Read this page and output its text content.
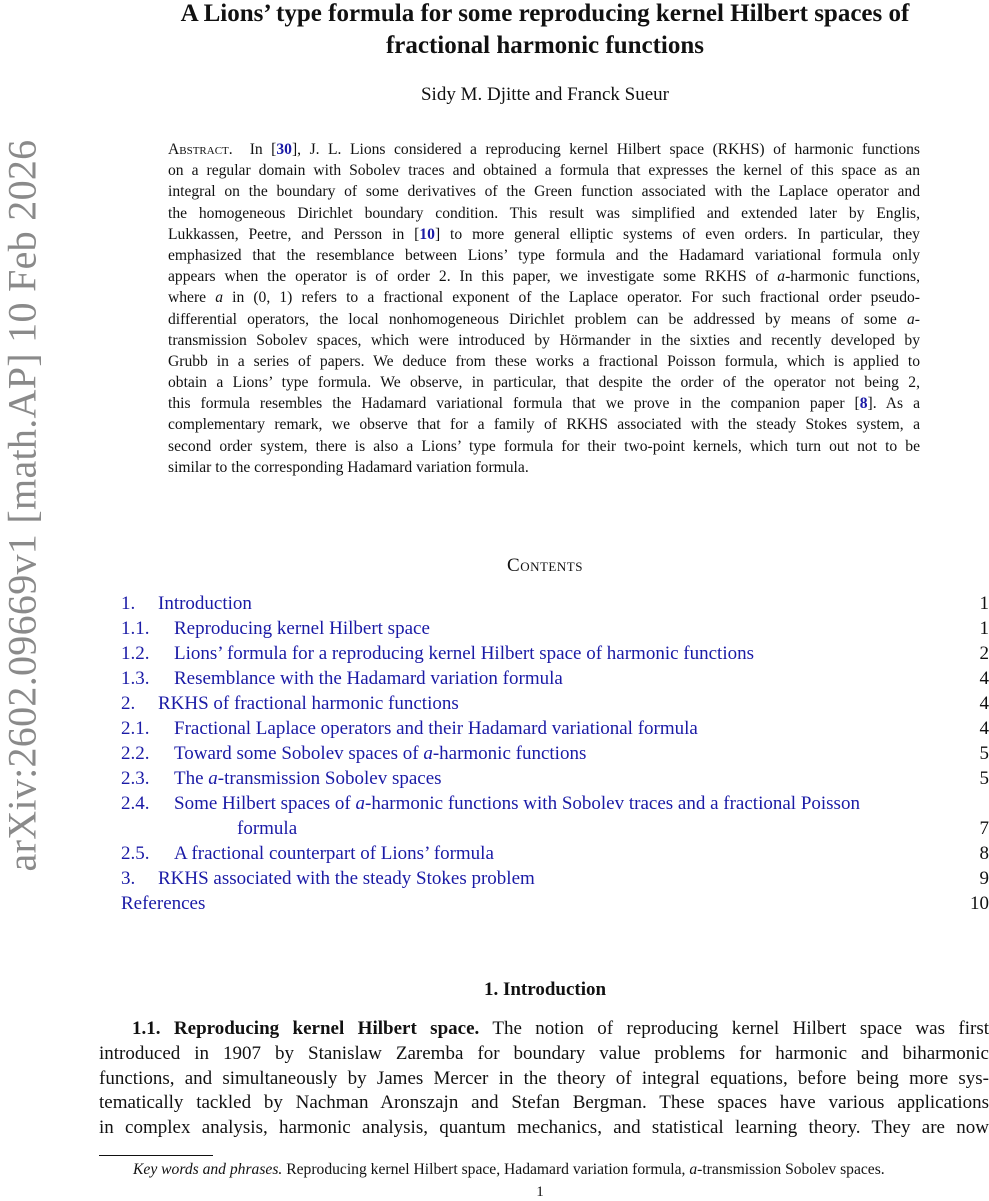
arXiv:2602.09669v1 [math.AP] 10 Feb 2026
A Lions’ type formula for some reproducing kernel Hilbert spaces of
fractional harmonic functions
Sidy M. Djitte and Franck Sueur
Abstract. In [30], J. L. Lions considered a reproducing kernel Hilbert space (RKHS) of harmonic functions
on a regular domain with Sobolev traces and obtained a formula that expresses the kernel of this space as an
integral on the boundary of some derivatives of the Green function associated with the Laplace operator and
the homogeneous Dirichlet boundary condition. This result was simplified and extended later by Englis,
Lukkassen, Peetre, and Persson in [10] to more general elliptic systems of even orders. In particular, they
emphasized that the resemblance between Lions’ type formula and the Hadamard variational formula only
appears when the operator is of order 2. In this paper, we investigate some RKHS of a-harmonic functions,
where a in (0, 1) refers to a fractional exponent of the Laplace operator. For such fractional order pseudo-
differential operators, the local nonhomogeneous Dirichlet problem can be addressed by means of some a-
transmission Sobolev spaces, which were introduced by Hörmander in the sixties and recently developed by
Grubb in a series of papers. We deduce from these works a fractional Poisson formula, which is applied to
obtain a Lions’ type formula. We observe, in particular, that despite the order of the operator not being 2,
this formula resembles the Hadamard variational formula that we prove in the companion paper [8]. As a
complementary remark, we observe that for a family of RKHS associated with the steady Stokes system, a
second order system, there is also a Lions’ type formula for their two-point kernels, which turn out not to be
similar to the corresponding Hadamard variation formula.
Contents
1. Introduction	1
1.1. Reproducing kernel Hilbert space	1
1.2. Lions’ formula for a reproducing kernel Hilbert space of harmonic functions	2
1.3. Resemblance with the Hadamard variation formula	4
2. RKHS of fractional harmonic functions	4
2.1. Fractional Laplace operators and their Hadamard variational formula	4
2.2. Toward some Sobolev spaces of a-harmonic functions	5
2.3. The a-transmission Sobolev spaces	5
2.4. Some Hilbert spaces of a-harmonic functions with Sobolev traces and a fractional Poisson
formula	7
2.5. A fractional counterpart of Lions’ formula	8
3. RKHS associated with the steady Stokes problem	9
References	10
1. Introduction
1.1. Reproducing kernel Hilbert space. The notion of reproducing kernel Hilbert space was first
introduced in 1907 by Stanislaw Zaremba for boundary value problems for harmonic and biharmonic
functions, and simultaneously by James Mercer in the theory of integral equations, before being more sys-
tematically tackled by Nachman Aronszajn and Stefan Bergman. These spaces have various applications
in complex analysis, harmonic analysis, quantum mechanics, and statistical learning theory. They are now
Key words and phrases. Reproducing kernel Hilbert space, Hadamard variation formula, a-transmission Sobolev spaces.
1
